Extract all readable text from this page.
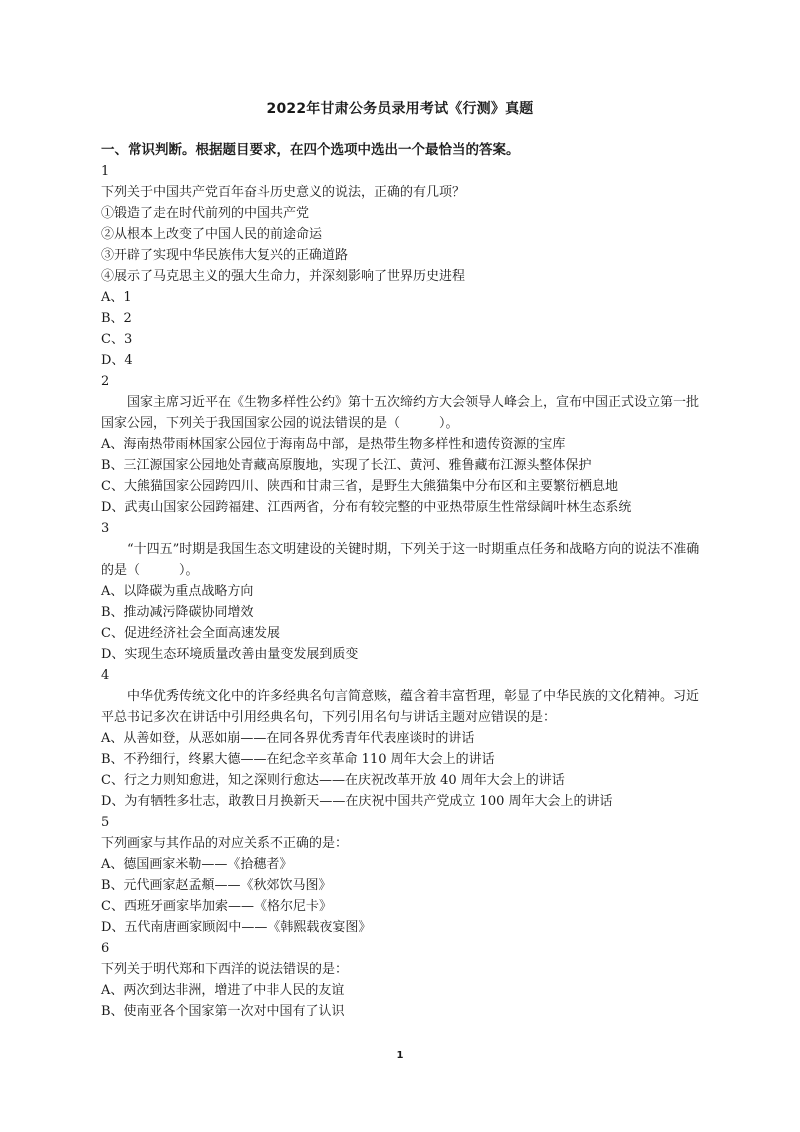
2022年甘肃公务员录用考试《行测》真题
一、常识判断。根据题目要求，在四个选项中选出一个最恰当的答案。
1
下列关于中国共产党百年奋斗历史意义的说法，正确的有几项？
①锻造了走在时代前列的中国共产党
②从根本上改变了中国人民的前途命运
③开辟了实现中华民族伟大复兴的正确道路
④展示了马克思主义的强大生命力，并深刻影响了世界历史进程
A、1
B、2
C、3
D、4
2
国家主席习近平在《生物多样性公约》第十五次缔约方大会领导人峰会上，宣布中国正式设立第一批国家公园，下列关于我国国家公园的说法错误的是（　　　）。
A、海南热带雨林国家公园位于海南岛中部，是热带生物多样性和遗传资源的宝库
B、三江源国家公园地处青藏高原腹地，实现了长江、黄河、雅鲁藏布江源头整体保护
C、大熊猫国家公园跨四川、陕西和甘肃三省，是野生大熊猫集中分布区和主要繁衍栖息地
D、武夷山国家公园跨福建、江西两省，分布有较完整的中亚热带原生性常绿阔叶林生态系统
3
“十四五”时期是我国生态文明建设的关键时期，下列关于这一时期重点任务和战略方向的说法不准确的是（　　　）。
A、以降碳为重点战略方向
B、推动减污降碳协同增效
C、促进经济社会全面高速发展
D、实现生态环境质量改善由量变发展到质变
4
中华优秀传统文化中的许多经典名句言简意赅，蕴含着丰富哲理，彰显了中华民族的文化精神。习近平总书记多次在讲话中引用经典名句，下列引用名句与讲话主题对应错误的是：
A、从善如登，从恶如崩——在同各界优秀青年代表座谈时的讲话
B、不矜细行，终累大德——在纪念辛亥革命 110 周年大会上的讲话
C、行之力则知愈进，知之深则行愈达——在庆祝改革开放 40 周年大会上的讲话
D、为有牺牲多壮志，敢教日月换新天——在庆祝中国共产党成立 100 周年大会上的讲话
5
下列画家与其作品的对应关系不正确的是：
A、德国画家米勒——《拾穗者》
B、元代画家赵孟頫——《秋郊饮马图》
C、西班牙画家毕加索——《格尔尼卡》
D、五代南唐画家顾闳中——《韩熙载夜宴图》
6
下列关于明代郑和下西洋的说法错误的是：
A、两次到达非洲，增进了中非人民的友谊
B、使南亚各个国家第一次对中国有了认识
1
